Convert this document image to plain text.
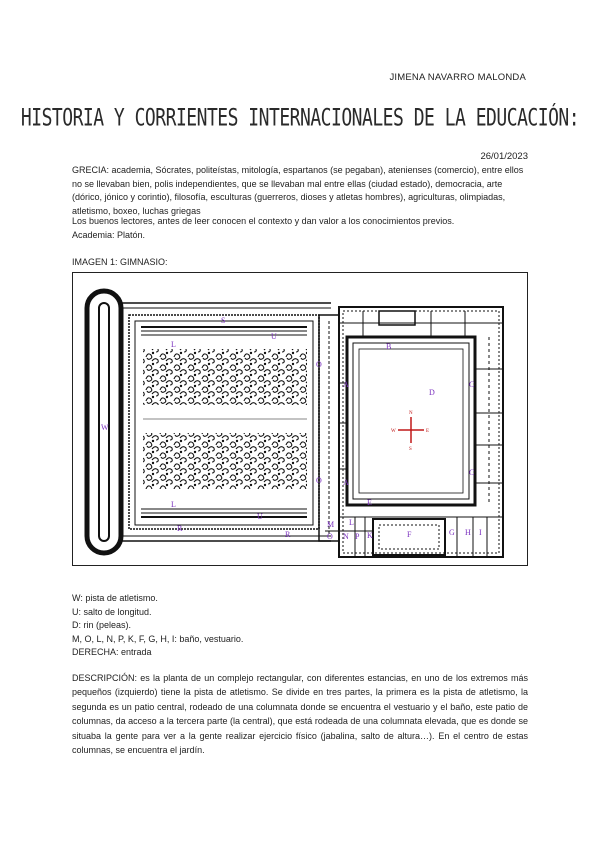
JIMENA NAVARRO MALONDA
HISTORIA Y CORRIENTES INTERNACIONALES DE LA EDUCACIÓN:
26/01/2023
GRECIA: academia, Sócrates, politeístas, mitología, espartanos (se pegaban), atenienses (comercio), entre ellos no se llevaban bien, polis independientes, que se llevaban mal entre ellas (ciudad estado), democracia, arte (dórico, jónico y corintio), filosofía, esculturas (guerreros, dioses y atletas hombres), agriculturas, olimpiadas, atletismo, boxeo, luchas griegas
Los buenos lectores, antes de leer conocen el contexto y dan valor a los conocimientos previos.
Academia: Platón.
IMAGEN 1: GIMNASIO:
N
S
E
W
W
S
L
U
L
U
R
R
O
O
A
A
B
C
C
D
E
F	G H I
K
M
O N P
L
W: pista de atletismo.
U: salto de longitud.
D: rin (peleas).
M, O, L, N, P, K, F, G, H, I: baño, vestuario.
DERECHA: entrada
DESCRIPCIÓN: es la planta de un complejo rectangular, con diferentes estancias, en uno de los extremos más pequeños (izquierdo) tiene la pista de atletismo. Se divide en tres partes, la primera es la pista de atletismo, la segunda es un patio central, rodeado de una columnata donde se encuentra el vestuario y el baño, este patio de columnas, da acceso a la tercera parte (la central), que está rodeada de una columnata elevada, que es donde se situaba la gente para ver a la gente realizar ejercicio físico (jabalina, salto de altura…). En el centro de estas columnas, se encuentra el jardín.
